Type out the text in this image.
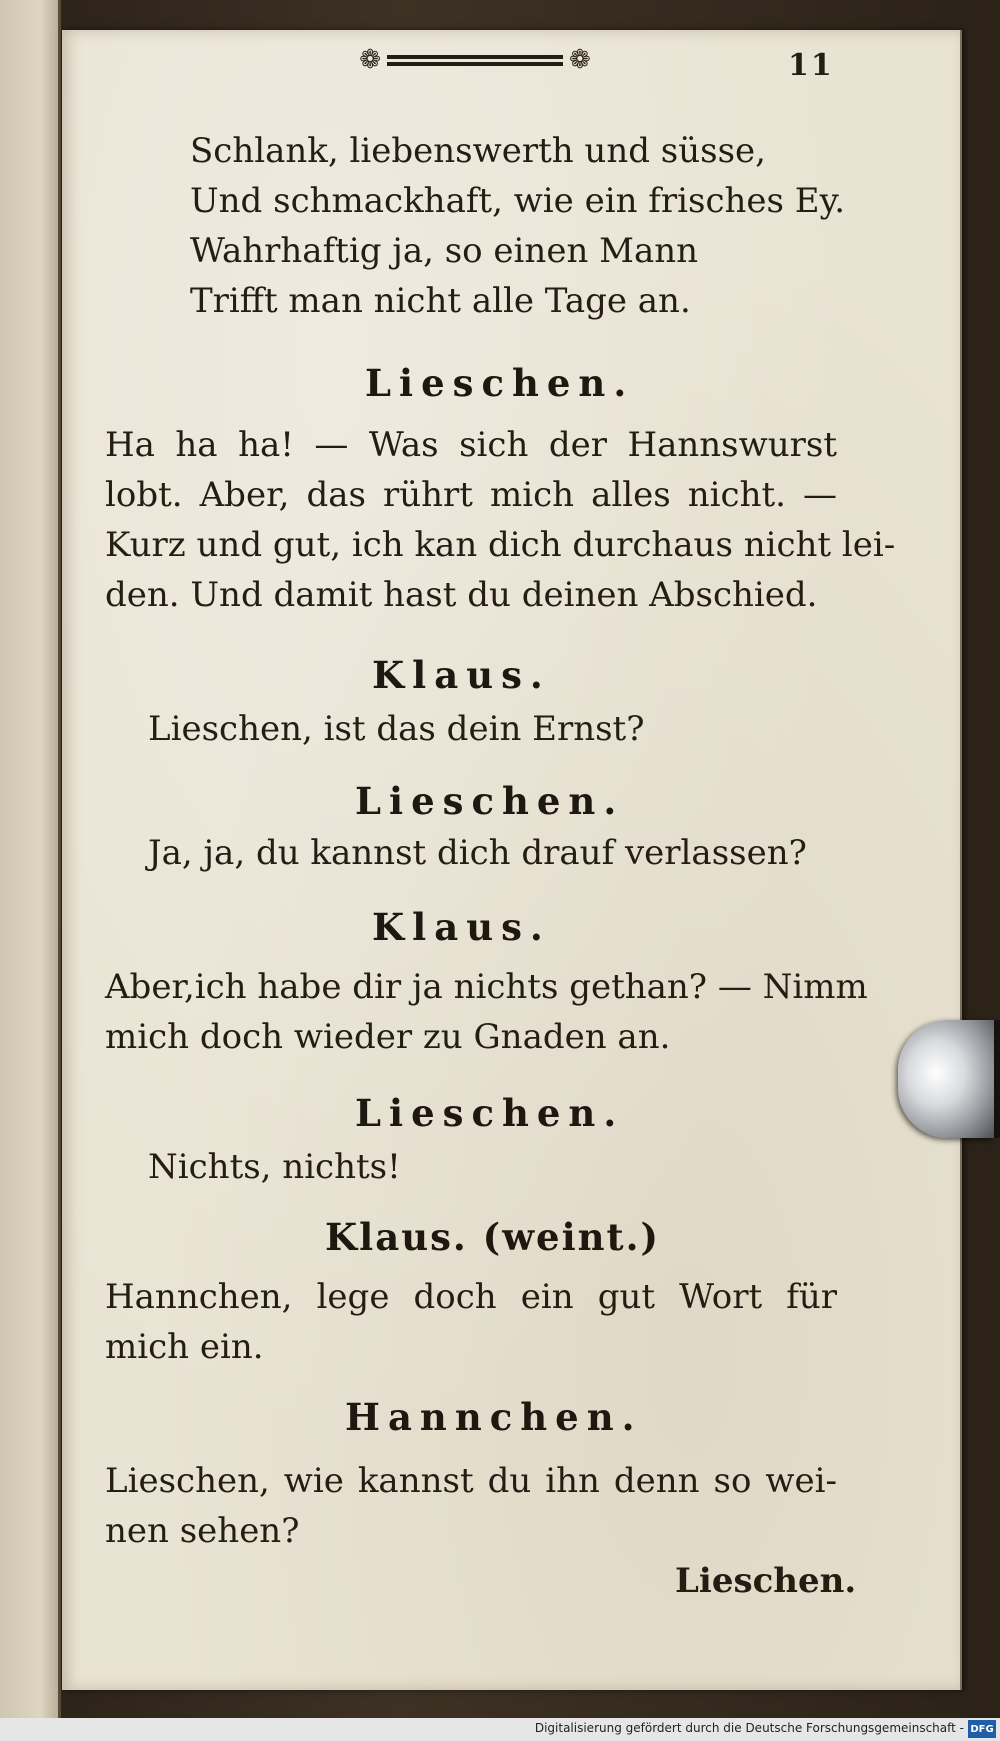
❁	❁	11
Schlank, liebenswerth und süsse,
Und schmackhaft, wie ein frisches Ey.
Wahrhaftig ja, so einen Mann
Trifft man nicht alle Tage an.
Lieschen.
Ha ha ha! — Was sich der Hannswurst
lobt. Aber, das rührt mich alles nicht. —
Kurz und gut, ich kan dich durchaus nicht lei-
den. Und damit hast du deinen Abschied.
Klaus.
Lieschen, ist das dein Ernst?
Lieschen.
Ja, ja, du kannst dich drauf verlassen?
Klaus.
Aber,ich habe dir ja nichts gethan? — Nimm
mich doch wieder zu Gnaden an.
Lieschen.
Nichts, nichts!
Klaus. (weint.)
Hannchen, lege doch ein gut Wort für
mich ein.
Hannchen.
Lieschen, wie kannst du ihn denn so wei-
nen sehen?
Lieschen.
Digitalisierung gefördert durch die Deutsche Forschungsgemeinschaft - DFG
